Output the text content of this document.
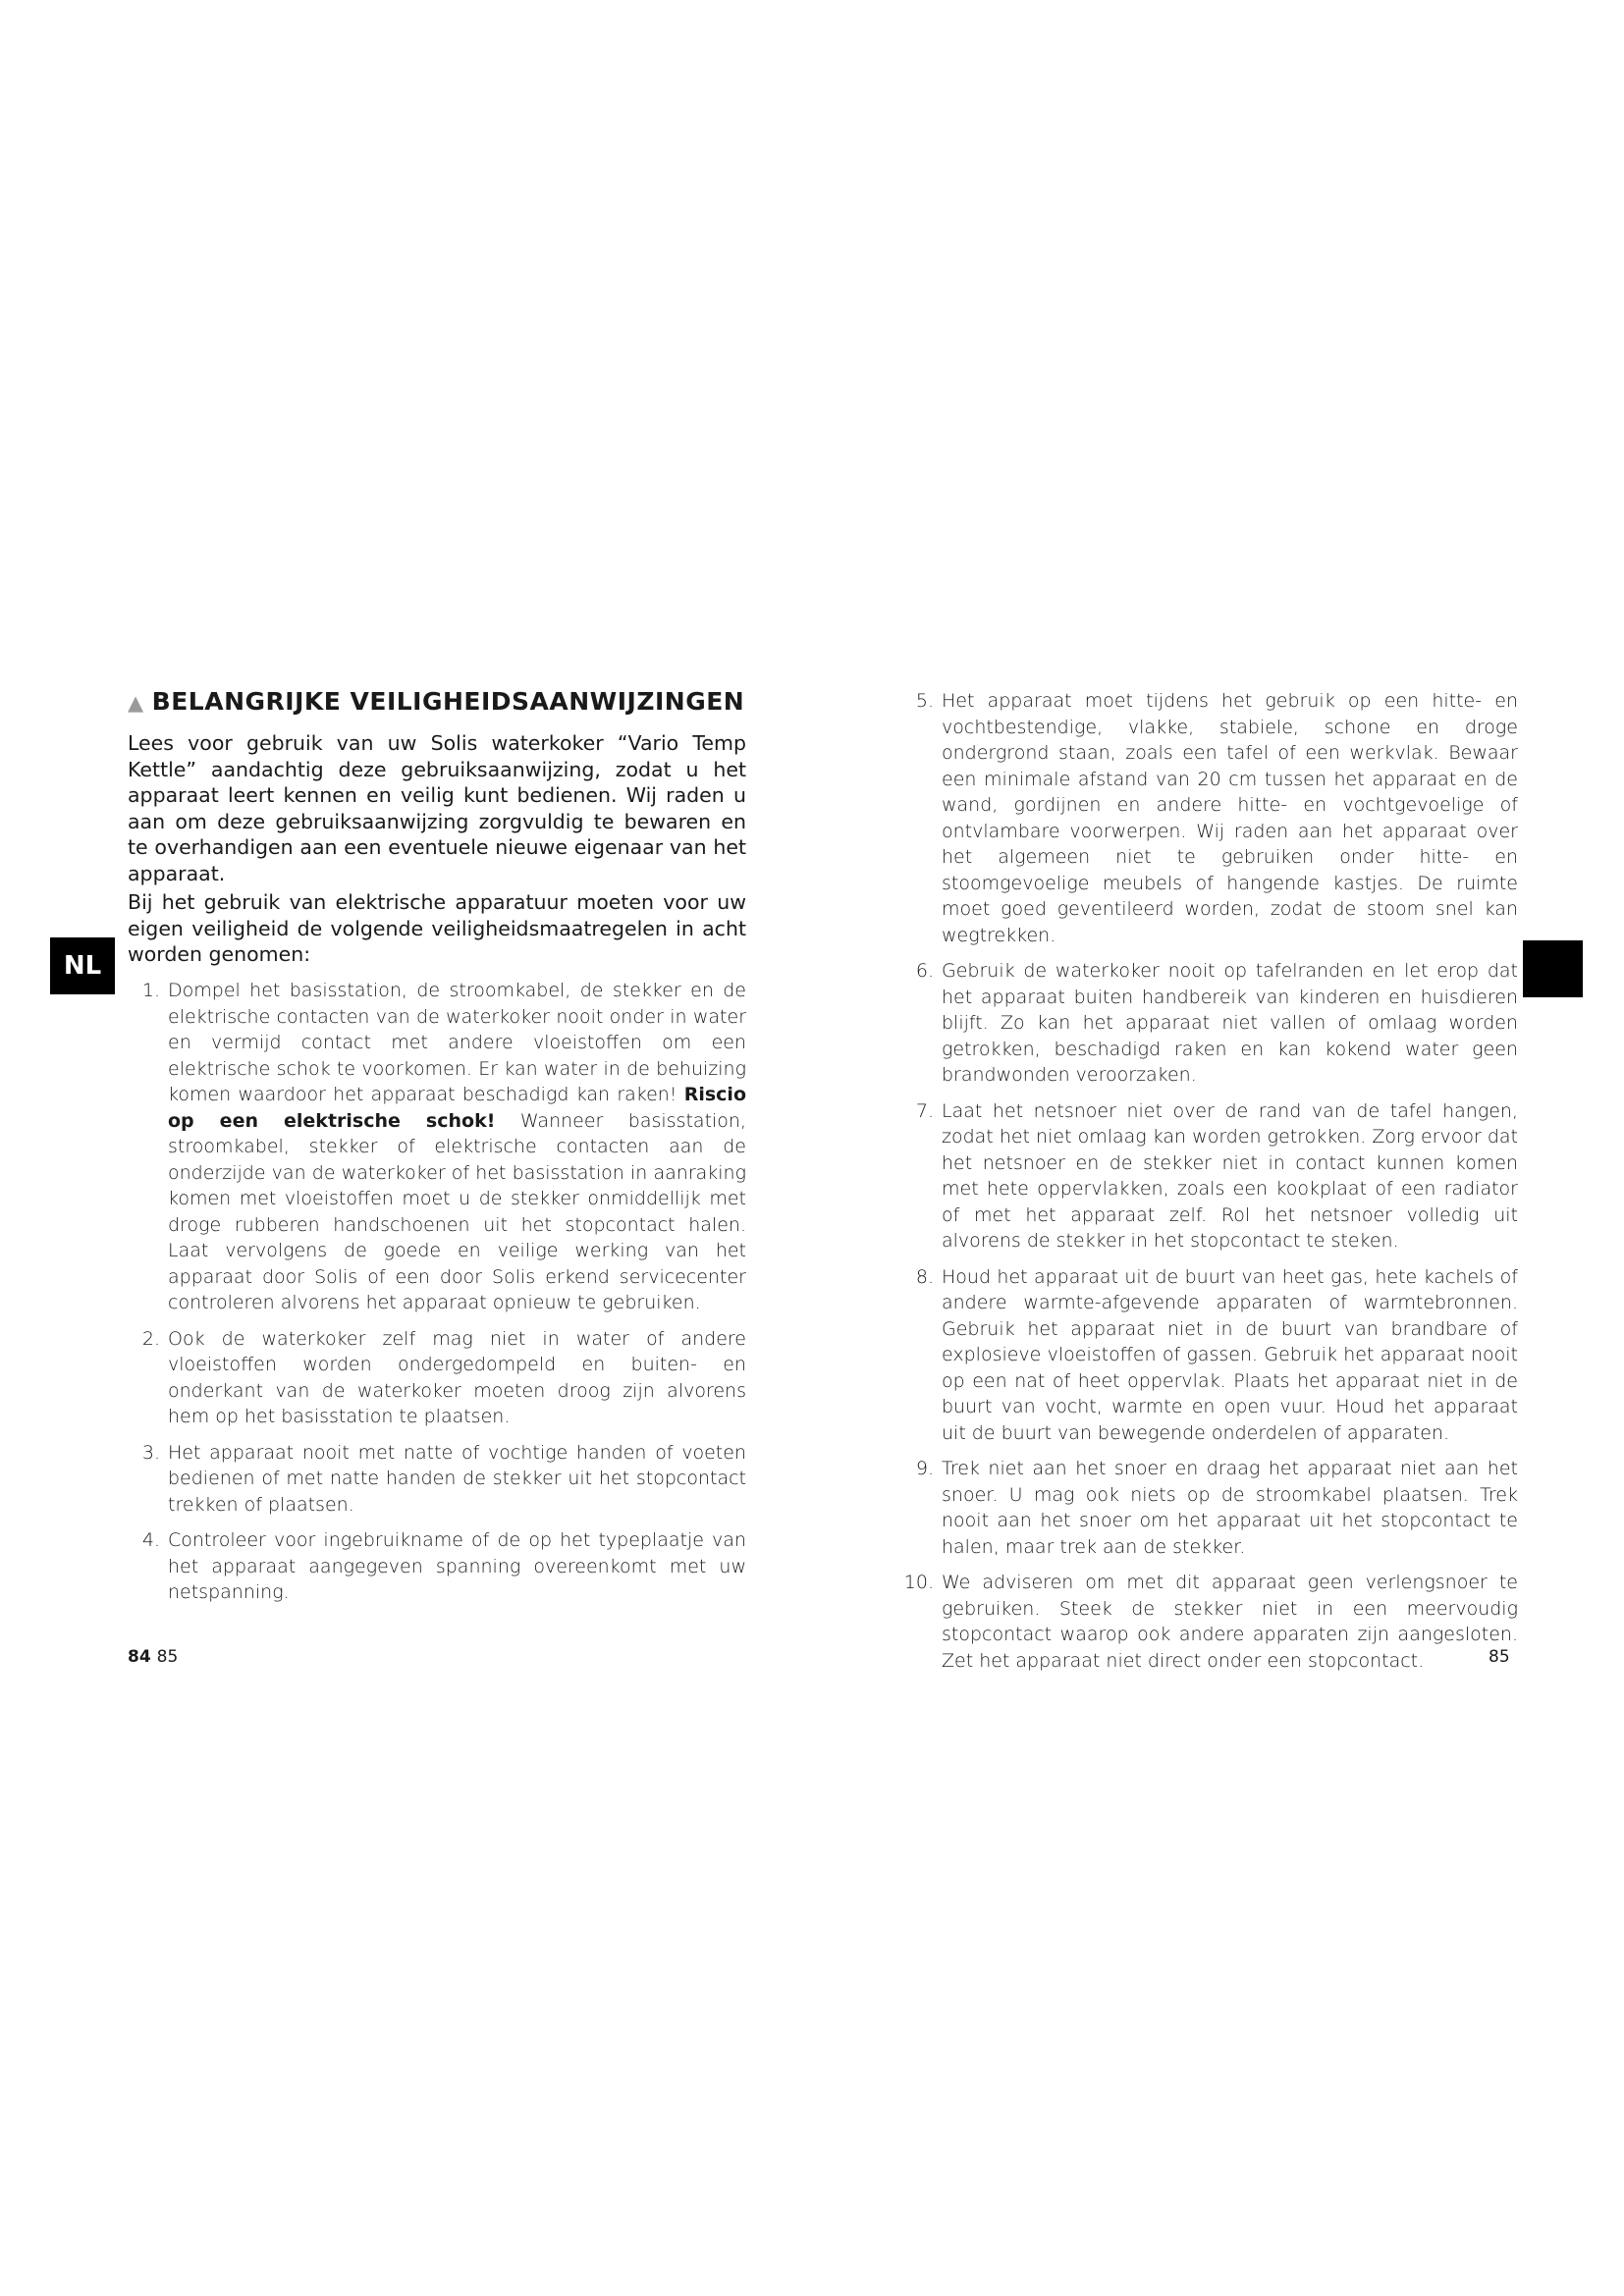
▲ BELANGRIJKE VEILIGHEIDSAANWIJZINGEN

Lees voor gebruik van uw Solis waterkoker “Vario Temp Kettle” aandachtig deze gebruiksaanwijzing, zodat u het apparaat leert kennen en veilig kunt bedienen. Wij raden u aan om deze gebruiksaanwijzing zorgvuldig te bewaren en te overhandigen aan een eventuele nieuwe eigenaar van het apparaat.

Bij het gebruik van elektrische apparatuur moeten voor uw eigen veiligheid de volgende veiligheidsmaatregelen in acht worden genomen:

NL
1. Dompel het basisstation, de stroomkabel, de stekker en de elektrische contacten van de waterkoker nooit onder in water en vermijd contact met andere vloeistoffen om een elektrische schok te voorkomen. Er kan water in de behuizing komen waardoor het apparaat beschadigd kan raken! Riscio op een elektrische schok! Wanneer basisstation, stroomkabel, stekker of elektrische contacten aan de onderzijde van de waterkoker of het basisstation in aanraking komen met vloeistoffen moet u de stekker onmiddellijk met droge rubberen handschoenen uit het stopcontact halen. Laat vervolgens de goede en veilige werking van het apparaat door Solis of een door Solis erkend servicecenter controleren alvorens het apparaat opnieuw te gebruiken.
2. Ook de waterkoker zelf mag niet in water of andere vloeistoffen worden ondergedompeld en buiten- en onderkant van de waterkoker moeten droog zijn alvorens hem op het basisstation te plaatsen.
3. Het apparaat nooit met natte of vochtige handen of voeten bedienen of met natte handen de stekker uit het stopcontact trekken of plaatsen.
4. Controleer voor ingebruikname of de op het typeplaatje van het apparaat aangegeven spanning overeenkomt met uw netspanning.
5. Het apparaat moet tijdens het gebruik op een hitte- en vochtbestendige, vlakke, stabiele, schone en droge ondergrond staan, zoals een tafel of een werkvlak. Bewaar een minimale afstand van 20 cm tussen het apparaat en de wand, gordijnen en andere hitte- en vochtgevoelige of ontvlambare voorwerpen. Wij raden aan het apparaat over het algemeen niet te gebruiken onder hitte- en stoomgevoelige meubels of hangende kastjes. De ruimte moet goed geventileerd worden, zodat de stoom snel kan wegtrekken.
6. Gebruik de waterkoker nooit op tafelranden en let erop dat het apparaat buiten handbereik van kinderen en huisdieren blijft. Zo kan het apparaat niet vallen of omlaag worden getrokken, beschadigd raken en kan kokend water geen brandwonden veroorzaken.
7. Laat het netsnoer niet over de rand van de tafel hangen, zodat het niet omlaag kan worden getrokken. Zorg ervoor dat het netsnoer en de stekker niet in contact kunnen komen met hete oppervlakken, zoals een kookplaat of een radiator of met het apparaat zelf. Rol het netsnoer volledig uit alvorens de stekker in het stopcontact te steken.
8. Houd het apparaat uit de buurt van heet gas, hete kachels of andere warmte-afgevende apparaten of warmtebronnen. Gebruik het apparaat niet in de buurt van brandbare of explosieve vloeistoffen of gassen. Gebruik het apparaat nooit op een nat of heet oppervlak. Plaats het apparaat niet in de buurt van vocht, warmte en open vuur. Houd het apparaat uit de buurt van bewegende onderdelen of apparaten.
9. Trek niet aan het snoer en draag het apparaat niet aan het snoer. U mag ook niets op de stroomkabel plaatsen. Trek nooit aan het snoer om het apparaat uit het stopcontact te halen, maar trek aan de stekker.
10. We adviseren om met dit apparaat geen verlengsnoer te gebruiken. Steek de stekker niet in een meervoudig stopcontact waarop ook andere apparaten zijn aangesloten. Zet het apparaat niet direct onder een stopcontact.
84 85	85
